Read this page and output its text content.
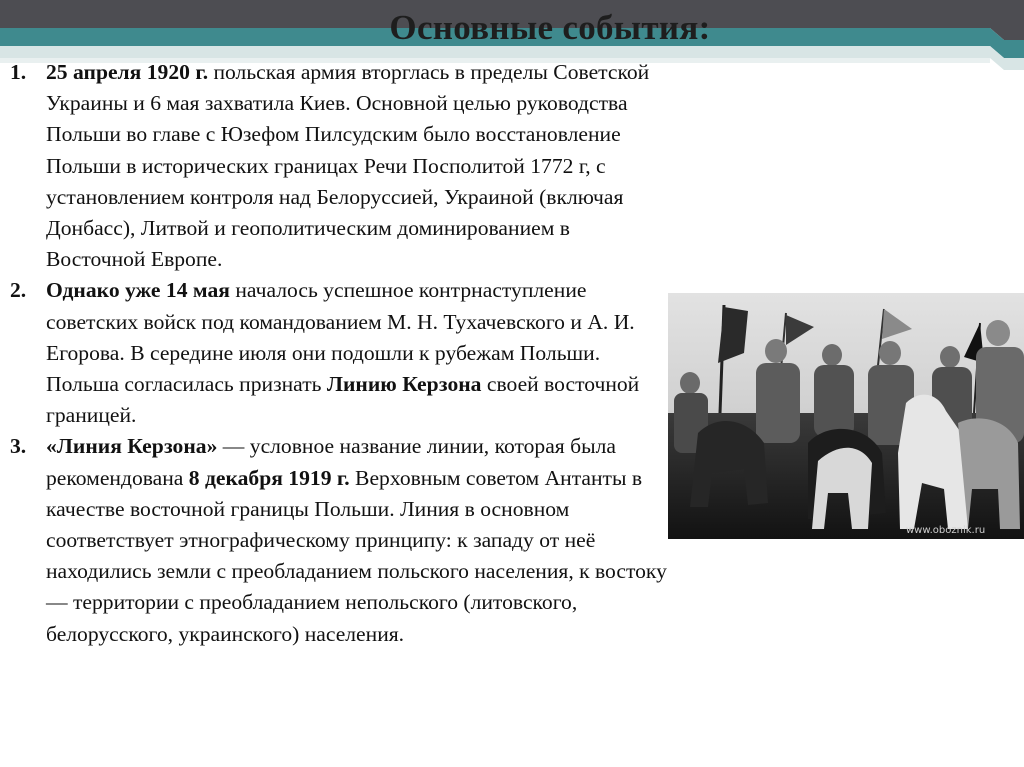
Основные события:
1. 25 апреля 1920 г. польская армия вторглась в пределы Советской Украины и 6 мая захватила Киев. Основной целью руководства Польши во главе с Юзефом Пилсудским было восстановление Польши в исторических границах Речи Посполитой 1772 г, с установлением контроля над Белоруссией, Украиной (включая Донбасс), Литвой и геополитическим доминированием в Восточной Европе.
2. Однако уже 14 мая началось успешное контрнаступление советских войск под командованием М. Н. Тухачевского и А. И. Егорова. В середине июля они подошли к рубежам Польши. Польша согласилась признать Линию Керзона своей восточной границей.
3. «Линия Керзона» — условное название линии, которая была рекомендована 8 декабря 1919 г. Верховным советом Антанты в качестве восточной границы Польши. Линия в основном соответствует этнографическому принципу: к западу от неё находились земли с преобладанием польского населения, к востоку — территории с преобладанием непольского (литовского, белорусского, украинского) населения.
www.oboznik.ru
